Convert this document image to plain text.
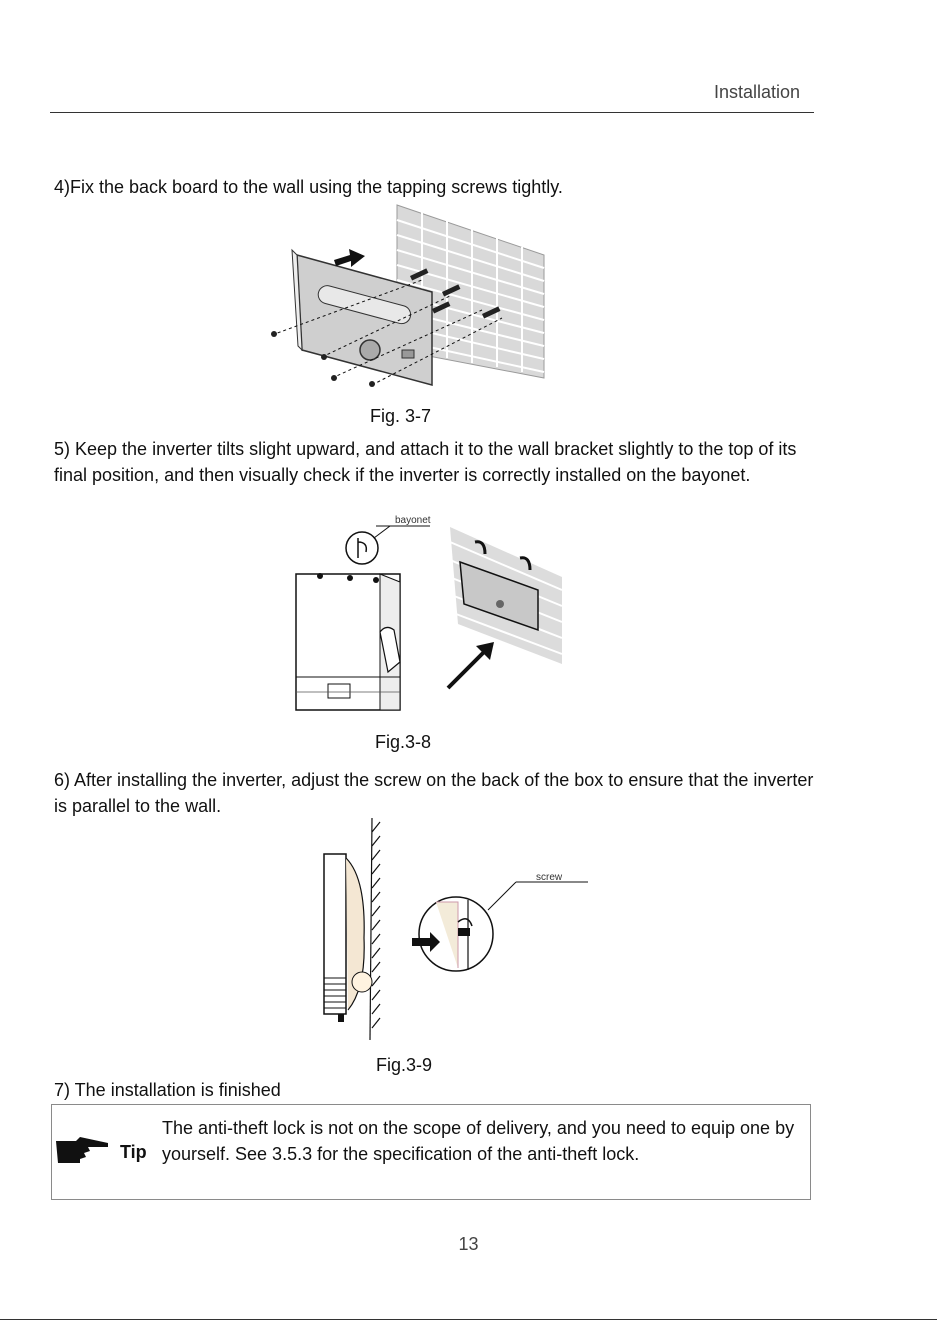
Installation
4)Fix the back board to the wall using the tapping screws tightly.
Fig. 3-7
5) Keep the inverter tilts slight upward, and attach it to the wall bracket slightly to the top of its final position, and then visually check if the inverter is correctly installed on the bayonet.
bayonet
Fig.3-8
6) After installing the inverter, adjust the screw on the back of the box to ensure that the inverter is parallel to the wall.
screw
Fig.3-9
7) The installation is finished
Tip
The anti-theft lock is not on the scope of delivery, and you need to equip one by yourself. See 3.5.3 for the specification of the anti-theft lock.
13
